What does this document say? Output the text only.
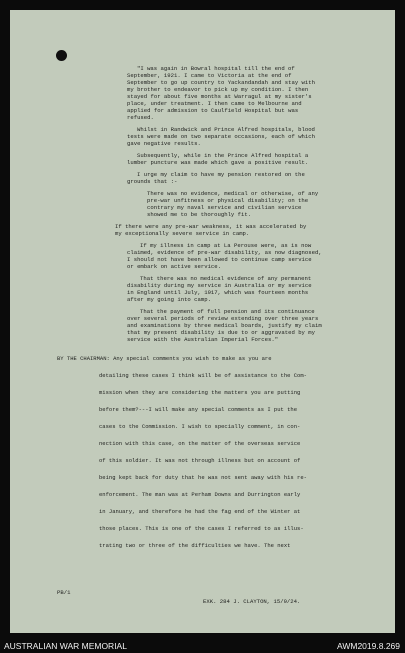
"I was again in Bowral hospital till the end of

September, 1921. I came to Victoria at the end of

September to go up country to Yackandandah and stay with

my brother to endeavor to pick up my condition. I then

stayed for about five months at Warragul at my sister's

place, under treatment. I then came to Melbourne and

applied for admission to Caulfield Hospital but was

refused.

Whilst in Randwick and Prince Alfred hospitals, blood

tests were made on two separate occasions, each of which

gave negative results.

Subsequently, while in the Prince Alfred hospital a

lumber puncture was made which gave a positive result.

I urge my claim to have my pension restored on the

grounds that :-

There was no evidence, medical or otherwise, of any

pre-war unfitness or physical disability; on the

contrary my naval service and civilian service

showed me to be thoroughly fit.

If there were any pre-war weakness, it was accelerated by

my exceptionally severe service in camp.

If my illness in camp at La Perouse were, as is now

claimed, evidence of pre-war disability, as now diagnosed,

I should not have been allowed to continue camp service

or embark on active service.

That there was no medical evidence of any permanent

disability during my service in Australia or my service

in England until July, 1917, which was fourteen months

after my going into camp.

That the payment of full pension and its continuance

over several periods of review extending over three years

and examinations by three medical boards, justify my claim

that my present disability is due to or aggravated by my

service with the Australian Imperial Forces."

BY THE CHAIRMAN: Any special comments you wish to make as you are

detailing these cases I think will be of assistance to the Com-

mission when they are considering the matters you are putting

before them?---I will make any special comments as I put the

cases to the Commission. I wish to specially comment, in con-

nection with this case, on the matter of the overseas service

of this soldier. It was not through illness but on account of

being kept back for duty that he was not sent away with his re-

enforcement. The man was at Perham Downs and Durrington early

in January, and therefore he had the fag end of the Winter at

those places. This is one of the cases I referred to as illus-

trating two or three of the difficulties we have. The next

PB/1

EXK. 284 J. CLAYTON, 15/9/24.

AUSTRALIAN WAR MEMORIAL	AWM2019.8.269
